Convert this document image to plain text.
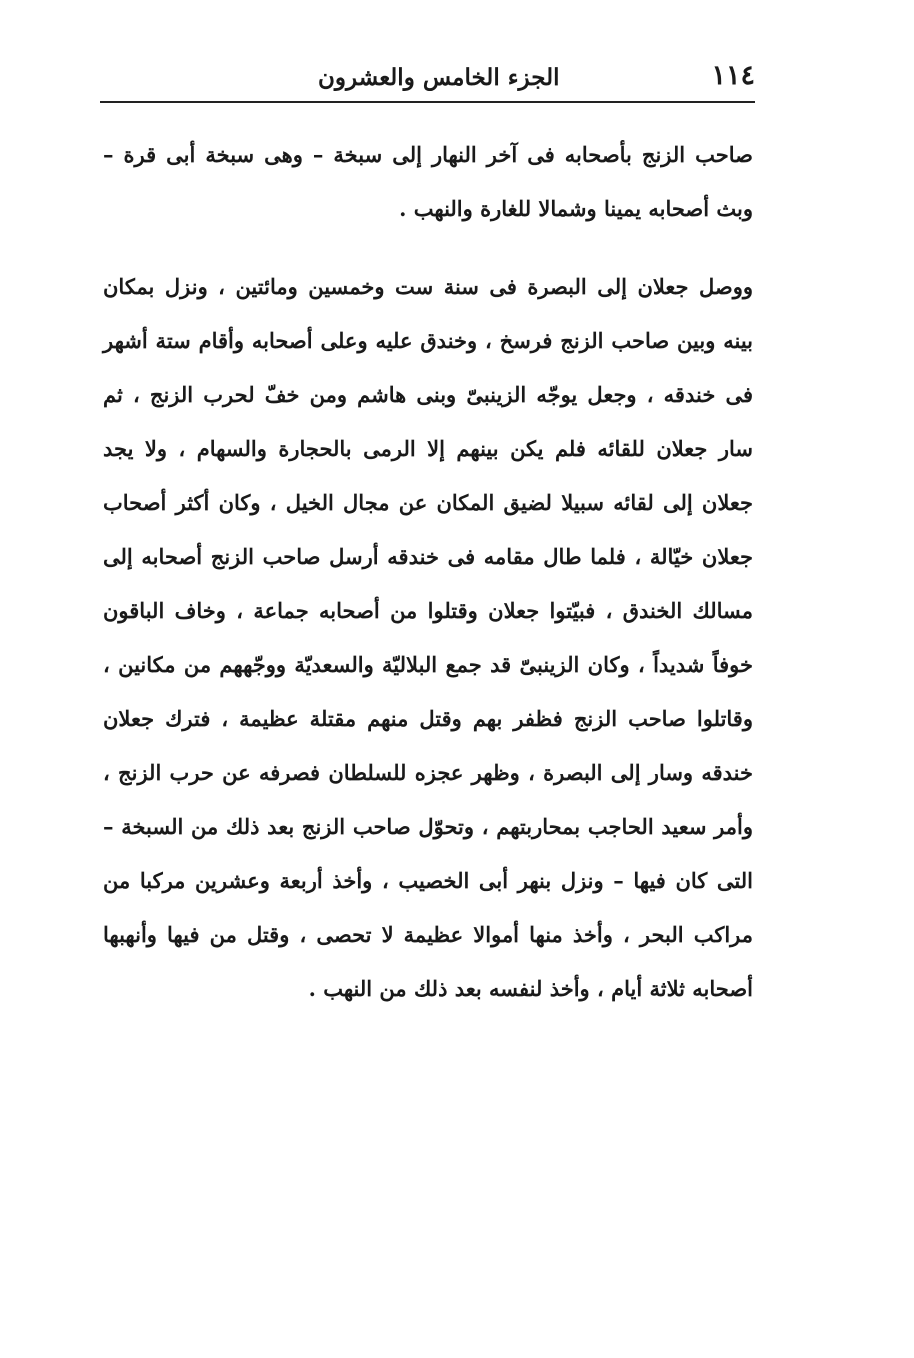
١١٤
الجزء الخامس والعشرون

صاحب الزنج بأصحابه فى آخر النهار إلى سبخة – وهى سبخة أبى قرة – وبث أصحابه يمينا وشمالا للغارة والنهب .

ووصل جعلان إلى البصرة فى سنة ست وخمسين ومائتين ، ونزل بمكان بينه وبين صاحب الزنج فرسخ ، وخندق عليه وعلى أصحابه وأقام ستة أشهر فى خندقه ، وجعل يوجّه الزينبىّ وبنى هاشم ومن خفّ لحرب الزنج ، ثم سار جعلان للقائه فلم يكن بينهم إلا الرمى بالحجارة والسهام ، ولا يجد جعلان إلى لقائه سبيلا لضيق المكان عن مجال الخيل ، وكان أكثر أصحاب جعلان خيّالة ، فلما طال مقامه فى خندقه أرسل صاحب الزنج أصحابه إلى مسالك الخندق ، فبيّتوا جعلان وقتلوا من أصحابه جماعة ، وخاف الباقون خوفاً شديداً ، وكان الزينبىّ قد جمع البلاليّة والسعديّة ووجّههم من مكانين ، وقاتلوا صاحب الزنج فظفر بهم وقتل منهم مقتلة عظيمة ، فترك جعلان خندقه وسار إلى البصرة ، وظهر عجزه للسلطان فصرفه عن حرب الزنج ، وأمر سعيد الحاجب بمحاربتهم ، وتحوّل صاحب الزنج بعد ذلك من السبخة – التى كان فيها – ونزل بنهر أبى الخصيب ، وأخذ أربعة وعشرين مركبا من مراكب البحر ، وأخذ منها أموالا عظيمة لا تحصى ، وقتل من فيها وأنهبها أصحابه ثلاثة أيام ، وأخذ لنفسه بعد ذلك من النهب .
